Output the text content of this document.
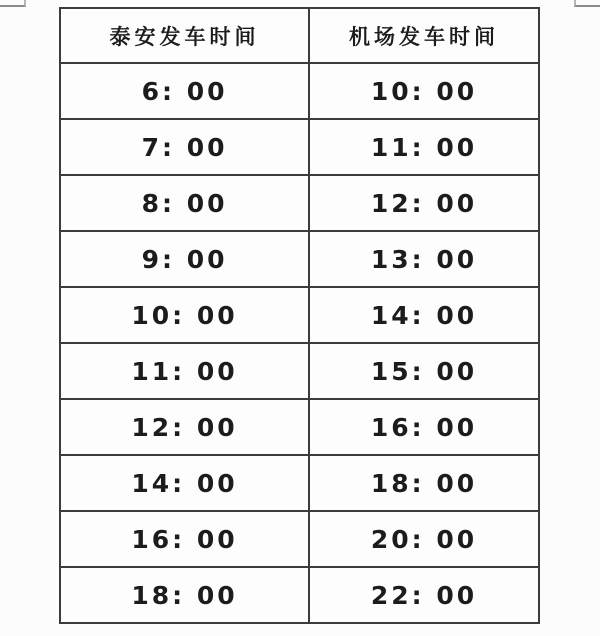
泰安发车时间	机场发车时间
6: 00	10: 00
7: 00	11: 00
8: 00	12: 00
9: 00	13: 00
10: 00	14: 00
11: 00	15: 00
12: 00	16: 00
14: 00	18: 00
16: 00	20: 00
18: 00	22: 00
